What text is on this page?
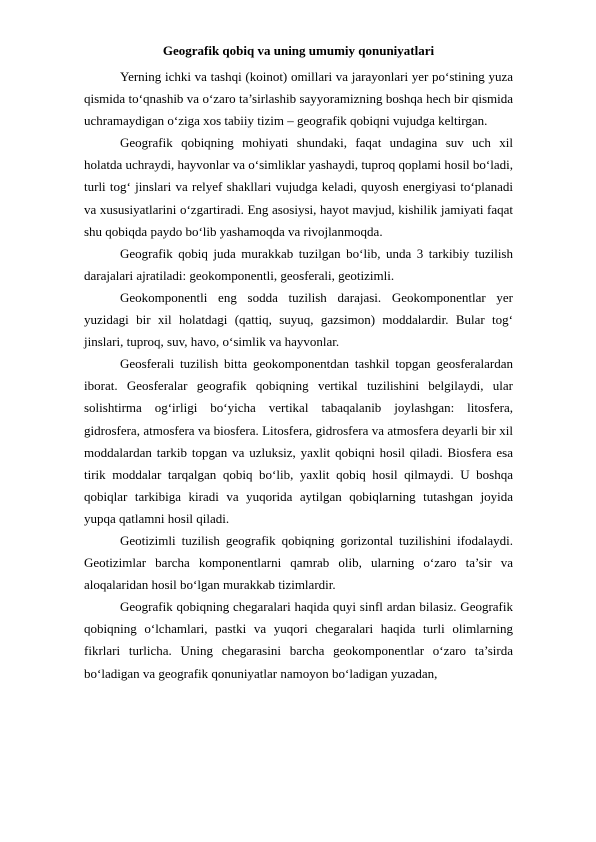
Geografik qobiq va uning umumiy qonuniyatlari

Yerning ichki va tashqi (koinot) omillari va jarayonlari yer po‘stining yuza qismida to‘qnashib va o‘zaro ta’sirlashib sayyoramizning boshqa hech bir qismida uchramaydigan o‘ziga xos tabiiy tizim – geografik qobiqni vujudga keltirgan.

Geografik qobiqning mohiyati shundaki, faqat undagina suv uch xil holatda uchraydi, hayvonlar va o‘simliklar yashaydi, tuproq qoplami hosil bo‘ladi, turli tog‘ jinslari va relyef shakllari vujudga keladi, quyosh energiyasi to‘planadi va xususiyatlarini o‘zgartiradi. Eng asosiysi, hayot mavjud, kishilik jamiyati faqat shu qobiqda paydo bo‘lib yashamoqda va rivojlanmoqda.

Geografik qobiq juda murakkab tuzilgan bo‘lib, unda 3 tarkibiy tuzilish darajalari ajratiladi: geokomponentli, geosferali, geotizimli.

Geokomponentli eng sodda tuzilish darajasi. Geokomponentlar yer yuzidagi bir xil holatdagi (qattiq, suyuq, gazsimon) moddalardir. Bular tog‘ jinslari, tuproq, suv, havo, o‘simlik va hayvonlar.

Geosferali tuzilish bitta geokomponentdan tashkil topgan geosferalardan iborat. Geosferalar geografik qobiqning vertikal tuzilishini belgilaydi, ular solishtirma og‘irligi bo‘yicha vertikal tabaqalanib joylashgan: litosfera, gidrosfera, atmosfera va biosfera. Litosfera, gidrosfera va atmosfera deyarli bir xil moddalardan tarkib topgan va uzluksiz, yaxlit qobiqni hosil qiladi. Biosfera esa tirik moddalar tarqalgan qobiq bo‘lib, yaxlit qobiq hosil qilmaydi. U boshqa qobiqlar tarkibiga kiradi va yuqorida aytilgan qobiqlarning tutashgan joyida yupqa qatlamni hosil qiladi.

Geotizimli tuzilish geografik qobiqning gorizontal tuzilishini ifodalaydi. Geotizimlar barcha komponentlarni qamrab olib, ularning o‘zaro ta’sir va aloqalaridan hosil bo‘lgan murakkab tizimlardir.

Geografik qobiqning chegaralari haqida quyi sinfl ardan bilasiz. Geografik qobiqning o‘lchamlari, pastki va yuqori chegaralari haqida turli olimlarning fikrlari turlicha. Uning chegarasini barcha geokomponentlar o‘zaro ta’sirda bo‘ladigan va geografik qonuniyatlar namoyon bo‘ladigan yuzadan,
